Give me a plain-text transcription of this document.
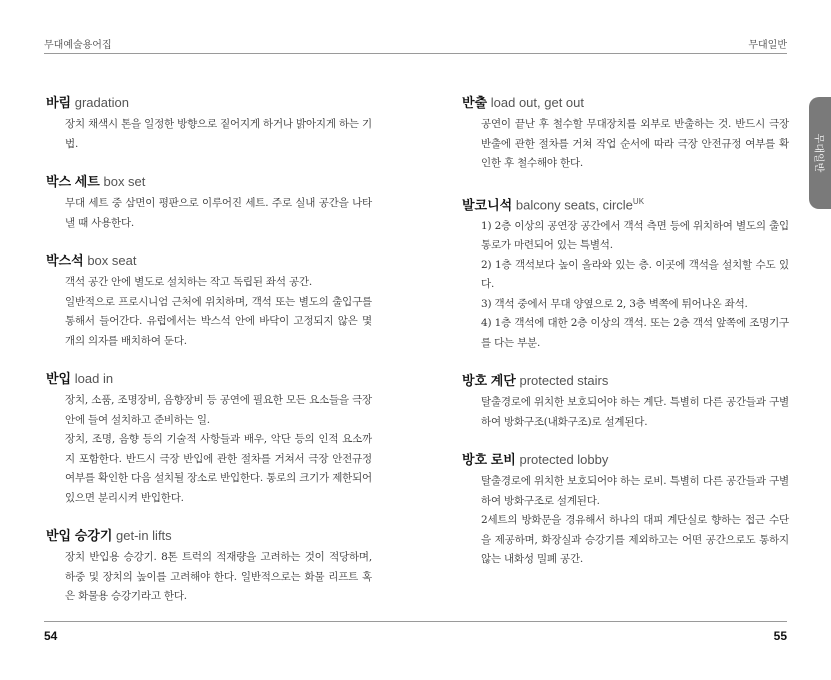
무대예술용어집	무대일반
바림 gradation
장치 채색시 톤을 일정한 방향으로 짙어지게 하거나 밝아지게 하는 기법.
박스 세트 box set
무대 세트 중 삼면이 평판으로 이루어진 세트. 주로 실내 공간을 나타낼 때 사용한다.
박스석 box seat
객석 공간 안에 별도로 설치하는 작고 독립된 좌석 공간.
일반적으로 프로시니엄 근처에 위치하며, 객석 또는 별도의 출입구를 통해서 들어간다. 유럽에서는 박스석 안에 바닥이 고정되지 않은 몇 개의 의자를 배치하여 둔다.
반입 load in
장치, 소품, 조명장비, 음향장비 등 공연에 필요한 모든 요소들을 극장 안에 들여 설치하고 준비하는 일.
장치, 조명, 음향 등의 기술적 사항들과 배우, 악단 등의 인적 요소까지 포함한다. 반드시 극장 반입에 관한 절차를 거쳐서 극장 안전규정 여부를 확인한 다음 설치될 장소로 반입한다. 통로의 크기가 제한되어 있으면 분리시켜 반입한다.
반입 승강기 get-in lifts
장치 반입용 승강기. 8톤 트럭의 적재량을 고려하는 것이 적당하며, 하중 및 장치의 높이를 고려해야 한다. 일반적으로는 화물 리프트 혹은 화물용 승강기라고 한다.
반출 load out, get out
공연이 끝난 후 철수할 무대장치를 외부로 반출하는 것. 반드시 극장 반출에 관한 절차를 거쳐 작업 순서에 따라 극장 안전규정 여부를 확인한 후 철수해야 한다.
발코니석 balcony seats, circle$^{UK}$
1) 2층 이상의 공연장 공간에서 객석 측면 등에 위치하여 별도의 출입 통로가 마련되어 있는 특별석.
2) 1층 객석보다 높이 올라와 있는 층. 이곳에 객석을 설치할 수도 있다.
3) 객석 중에서 무대 양옆으로 2, 3층 벽쪽에 튀어나온 좌석.
4) 1층 객석에 대한 2층 이상의 객석. 또는 2층 객석 앞쪽에 조명기구를 다는 부분.
방호 계단 protected stairs
탈출경로에 위치한 보호되어야 하는 계단. 특별히 다른 공간들과 구별하여 방화구조(내화구조)로 설계된다.
방호 로비 protected lobby
탈출경로에 위치한 보호되어야 하는 로비. 특별히 다른 공간들과 구별하여 방화구조로 설계된다.
2세트의 방화문을 경유해서 하나의 대피 계단실로 향하는 접근 수단을 제공하며, 화장실과 승강기를 제외하고는 어떤 공간으로도 통하지 않는 내화성 밀폐 공간.
무대일반
54	55
